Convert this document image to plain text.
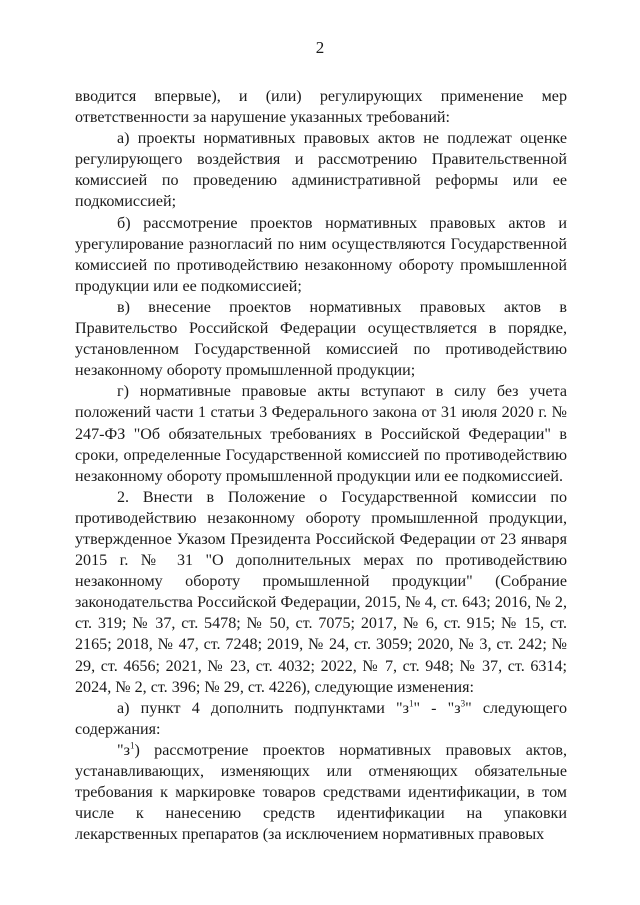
2

вводится впервые), и (или) регулирующих применение мер ответственности за нарушение указанных требований:

а) проекты нормативных правовых актов не подлежат оценке регулирующего воздействия и рассмотрению Правительственной комиссией по проведению административной реформы или ее подкомиссией;

б) рассмотрение проектов нормативных правовых актов и урегулирование разногласий по ним осуществляются Государственной комиссией по противодействию незаконному обороту промышленной продукции или ее подкомиссией;

в) внесение проектов нормативных правовых актов в Правительство Российской Федерации осуществляется в порядке, установленном Государственной комиссией по противодействию незаконному обороту промышленной продукции;

г) нормативные правовые акты вступают в силу без учета положений части 1 статьи 3 Федерального закона от 31 июля 2020 г. № 247-ФЗ "Об обязательных требованиях в Российской Федерации" в сроки, определенные Государственной комиссией по противодействию незаконному обороту промышленной продукции или ее подкомиссией.

2. Внести в Положение о Государственной комиссии по противодействию незаконному обороту промышленной продукции, утвержденное Указом Президента Российской Федерации от 23 января 2015 г. № 31 "О дополнительных мерах по противодействию незаконному обороту промышленной продукции" (Собрание законодательства Российской Федерации, 2015, № 4, ст. 643; 2016, № 2, ст. 319; № 37, ст. 5478; № 50, ст. 7075; 2017, № 6, ст. 915; № 15, ст. 2165; 2018, № 47, ст. 7248; 2019, № 24, ст. 3059; 2020, № 3, ст. 242; № 29, ст. 4656; 2021, № 23, ст. 4032; 2022, № 7, ст. 948; № 37, ст. 6314; 2024, № 2, ст. 396; № 29, ст. 4226), следующие изменения:

а) пункт 4 дополнить подпунктами "$з^1$" - "$з^3$" следующего содержания:

"$з^1$) рассмотрение проектов нормативных правовых актов, устанавливающих, изменяющих или отменяющих обязательные требования к маркировке товаров средствами идентификации, в том числе к нанесению средств идентификации на упаковки лекарственных препаратов (за исключением нормативных правовых
